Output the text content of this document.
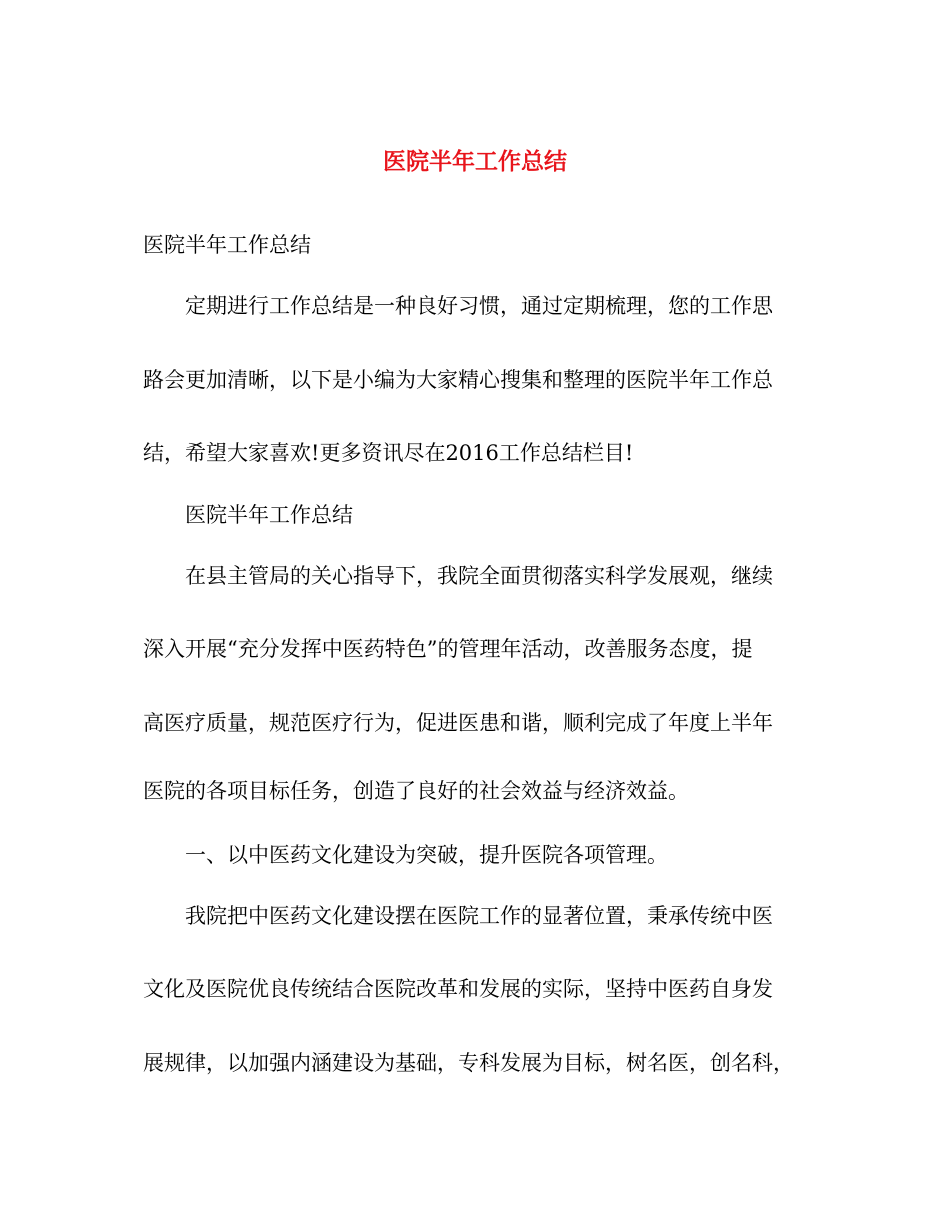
医院半年工作总结

医院半年工作总结

定期进行工作总结是一种良好习惯，通过定期梳理，您的工作思

路会更加清晰，以下是小编为大家精心搜集和整理的医院半年工作总

结，希望大家喜欢!更多资讯尽在2016工作总结栏目!

医院半年工作总结

在县主管局的关心指导下，我院全面贯彻落实科学发展观，继续

深入开展“充分发挥中医药特色”的管理年活动，改善服务态度，提

高医疗质量，规范医疗行为，促进医患和谐，顺利完成了年度上半年

医院的各项目标任务，创造了良好的社会效益与经济效益。

一、以中医药文化建设为突破，提升医院各项管理。

我院把中医药文化建设摆在医院工作的显著位置，秉承传统中医

文化及医院优良传统结合医院改革和发展的实际，坚持中医药自身发

展规律，以加强内涵建设为基础，专科发展为目标，树名医，创名科，
